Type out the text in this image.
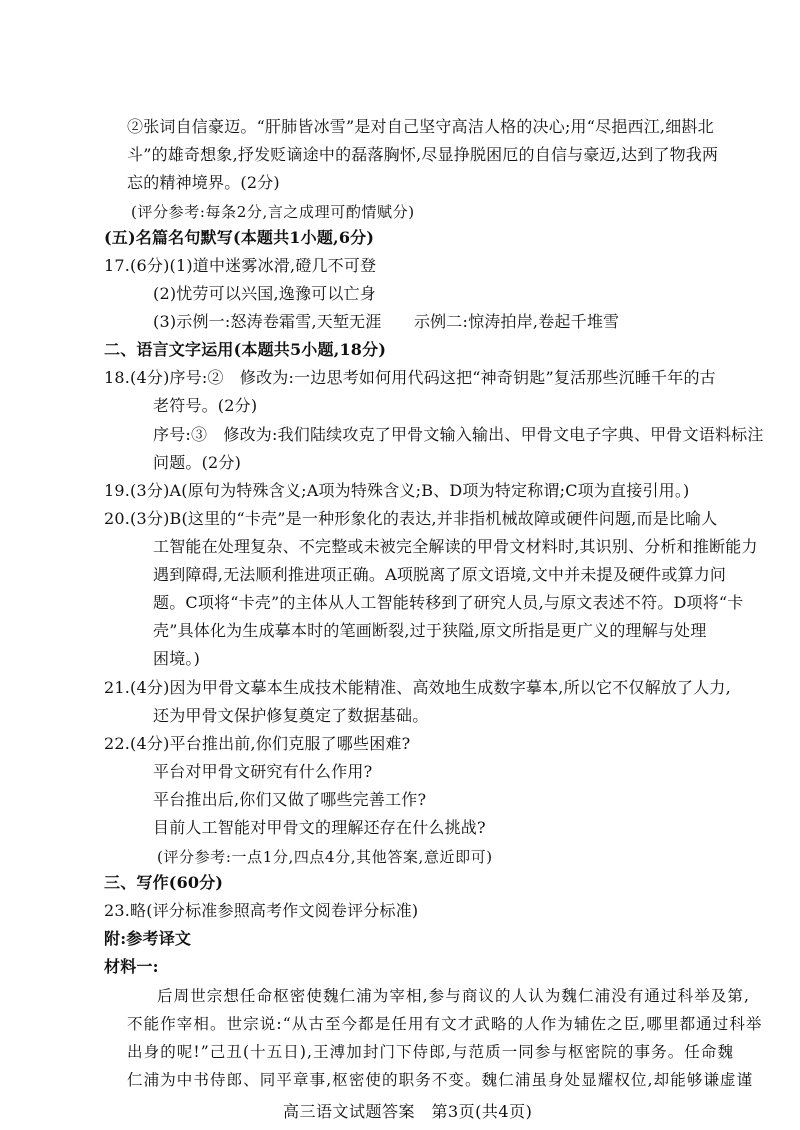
②张词自信豪迈。“肝肺皆冰雪”是对自己坚守高洁人格的决心;用“尽挹西江,细斟北
斗”的雄奇想象,抒发贬谪途中的磊落胸怀,尽显挣脱困厄的自信与豪迈,达到了物我两
忘的精神境界。(2分)
(评分参考:每条2分,言之成理可酌情赋分)
(五)名篇名句默写(本题共1小题,6分)
17.(6分)(1)道中迷雾冰滑,磴几不可登
(2)忧劳可以兴国,逸豫可以亡身
(3)示例一:怒涛卷霜雪,天堑无涯　　示例二:惊涛拍岸,卷起千堆雪
二、语言文字运用(本题共5小题,18分)
18.(4分)序号:②　修改为:一边思考如何用代码这把“神奇钥匙”复活那些沉睡千年的古
老符号。(2分)
序号:③　修改为:我们陆续攻克了甲骨文输入输出、甲骨文电子字典、甲骨文语料标注
问题。(2分)
19.(3分)A(原句为特殊含义;A项为特殊含义;B、D项为特定称谓;C项为直接引用。)
20.(3分)B(这里的“卡壳”是一种形象化的表达,并非指机械故障或硬件问题,而是比喻人
工智能在处理复杂、不完整或未被完全解读的甲骨文材料时,其识别、分析和推断能力
遇到障碍,无法顺利推进项正确。A项脱离了原文语境,文中并未提及硬件或算力问
题。C项将“卡壳”的主体从人工智能转移到了研究人员,与原文表述不符。D项将“卡
壳”具体化为生成摹本时的笔画断裂,过于狭隘,原文所指是更广义的理解与处理
困境。)
21.(4分)因为甲骨文摹本生成技术能精准、高效地生成数字摹本,所以它不仅解放了人力,
还为甲骨文保护修复奠定了数据基础。
22.(4分)平台推出前,你们克服了哪些困难?
平台对甲骨文研究有什么作用?
平台推出后,你们又做了哪些完善工作?
目前人工智能对甲骨文的理解还存在什么挑战?
(评分参考:一点1分,四点4分,其他答案,意近即可)
三、写作(60分)
23.略(评分标准参照高考作文阅卷评分标准)
附:参考译文
材料一:
后周世宗想任命枢密使魏仁浦为宰相,参与商议的人认为魏仁浦没有通过科举及第,
不能作宰相。世宗说:“从古至今都是任用有文才武略的人作为辅佐之臣,哪里都通过科举
出身的呢!”己丑(十五日),王溥加封门下侍郎,与范质一同参与枢密院的事务。任命魏
仁浦为中书侍郎、同平章事,枢密使的职务不变。魏仁浦虽身处显耀权位,却能够谦虚谨
高三语文试题答案　第3页(共4页)
